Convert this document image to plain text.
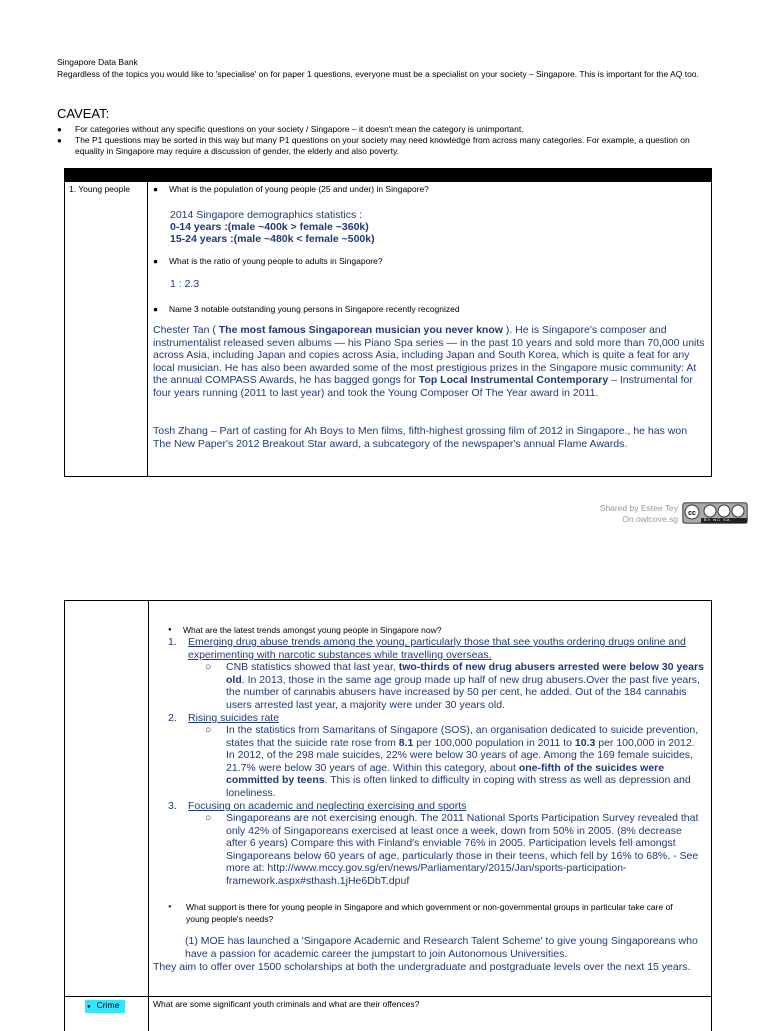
Singapore Data Bank
Regardless of the topics you would like to 'specialise' on for paper 1 questions, everyone must be a specialist on your society – Singapore. This is important for the AQ too.
CAVEAT:
● For categories without any specific questions on your society / Singapore – it doesn't mean the category is unimportant.
● The P1 questions may be sorted in this way but many P1 questions on your society may need knowledge from across many categories. For example, a question on equality in Singapore may require a discussion of gender, the elderly and also poverty.
1. Young people	●	What is the population of young people (25 and under) in Singapore?
2014 Singapore demographics statistics :
0-14 years :(male ~400k > female ~360k)
15-24 years :(male ~480k < female ~500k)
●	What is the ratio of young people to adults in Singapore?
1 : 2.3
●	Name 3 notable outstanding young persons in Singapore recently recognized
Chester Tan ( The most famous Singaporean musician you never know ). He is Singapore's composer and instrumentalist released seven albums — his Piano Spa series — in the past 10 years and sold more than 70,000 units across Asia, including Japan and copies across Asia, including Japan and South Korea, which is quite a feat for any local musician. He has also been awarded some of the most prestigious prizes in the Singapore music community: At the annual COMPASS Awards, he has bagged gongs for Top Local Instrumental Contemporary – Instrumental for four years running (2011 to last year) and took the Young Composer Of The Year award in 2011.
Tosh Zhang – Part of casting for Ah Boys to Men films, fifth-highest grossing film of 2012 in Singapore., he has won The New Paper's 2012 Breakout Star award, a subcategory of the newspaper's annual Flame Awards.
Shared by Estee Tey
On owlcove.sg
cc
BY NC SA
●	What are the latest trends amongst young people in Singapore now?
1. Emerging drug abuse trends among the young, particularly those that see youths ordering drugs online and experimenting with narcotic substances while travelling overseas.
○ CNB statistics showed that last year, two-thirds of new drug abusers arrested were below 30 years old. In 2013, those in the same age group made up half of new drug abusers.Over the past five years, the number of cannabis abusers have increased by 50 per cent, he added. Out of the 184 cannabis users arrested last year, a majority were under 30 years old.
2. Rising suicides rate
○ In the statistics from Samaritans of Singapore (SOS), an organisation dedicated to suicide prevention, states that the suicide rate rose from 8.1 per 100,000 population in 2011 to 10.3 per 100,000 in 2012. In 2012, of the 298 male suicides, 22% were below 30 years of age. Among the 169 female suicides, 21.7% were below 30 years of age. Within this category, about one-fifth of the suicides were committed by teens. This is often linked to difficulty in coping with stress as well as depression and loneliness.
3. Focusing on academic and neglecting exercising and sports
○ Singaporeans are not exercising enough. The 2011 National Sports Participation Survey revealed that only 42% of Singaporeans exercised at least once a week, down from 50% in 2005. (8% decrease after 6 years) Compare this with Finland's enviable 76% in 2005. Participation levels fell amongst Singaporeans below 60 years of age, particularly those in their teens, which fell by 16% to 68%. - See more at: http://www.mccy.gov.sg/en/news/Parliamentary/2015/Jan/sports-participation-framework.aspx#sthash.1jHe6DbT.dpuf
●	What support is there for young people in Singapore and which government or non-governmental groups in particular take care of young people's needs?
(1) MOE has launched a 'Singapore Academic and Research Talent Scheme' to give young Singaporeans who have a passion for academic career the jumpstart to join Autonomous Universities.
They aim to offer over 1500 scholarships at both the undergraduate and postgraduate levels over the next 15 years.
● Crime	What are some significant youth criminals and what are their offences?
